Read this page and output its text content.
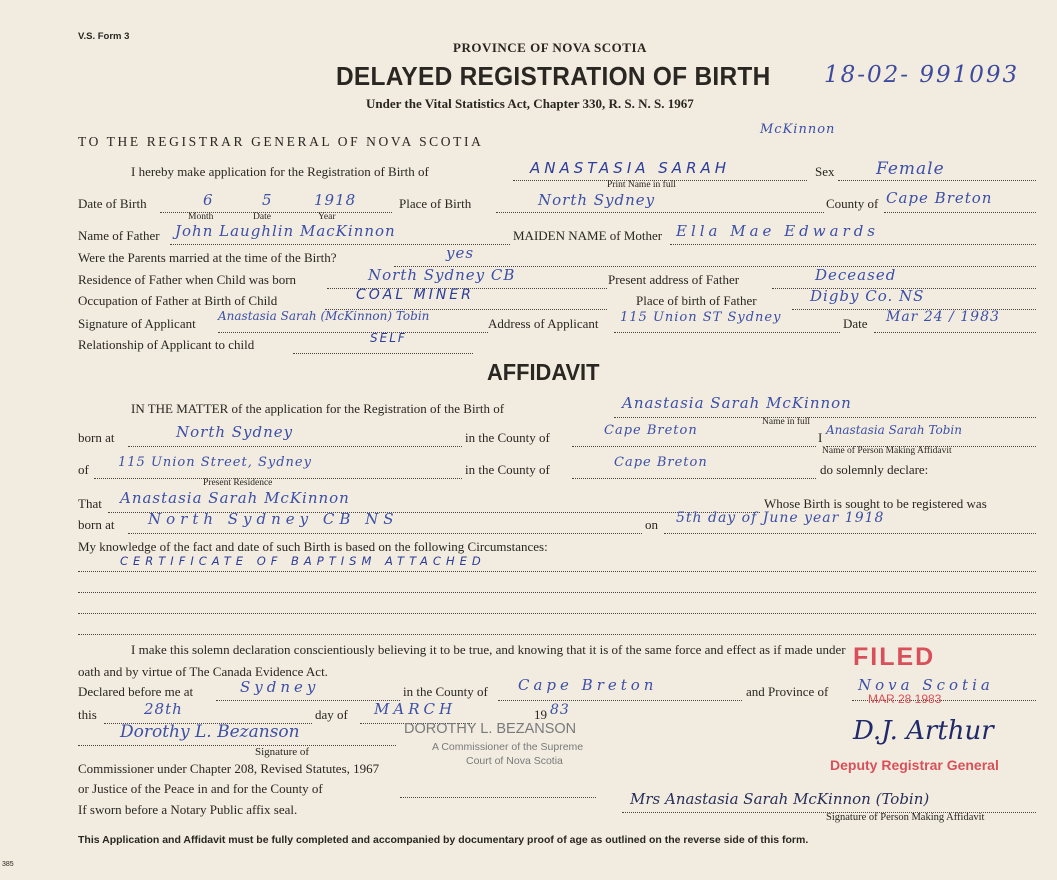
V.S. Form 3
PROVINCE OF NOVA SCOTIA
DELAYED REGISTRATION OF BIRTH
Under the Vital Statistics Act, Chapter 330, R. S. N. S. 1967
18-02- 991093
TO THE REGISTRAR GENERAL OF NOVA SCOTIA
McKinnon
I hereby make application for the Registration of Birth of	ANASTASIA SARAH
Print Name in full
Sex Female
Date of Birth	6	5	1918
Month	Date	Year
Place of Birth	North Sydney	County of Cape Breton
Name of Father John Laughlin MacKinnon	MAIDEN NAME of Mother Ella Mae Edwards
Were the Parents married at the time of the Birth?	yes
Residence of Father when Child was born	North Sydney CB	Present address of Father	Deceased
Occupation of Father at Birth of Child	COAL MINER	Place of birth of Father	Digby Co. NS
Signature of Applicant Anastasia Sarah (McKinnon) Tobin	Address of Applicant 115 Union ST Sydney	Date Mar 24 / 1983
Relationship of Applicant to child	SELF
AFFIDAVIT
IN THE MATTER of the application for the Registration of the Birth of	Anastasia Sarah McKinnon
Name in full
born at	North Sydney	in the County of	Cape Breton	I Anastasia Sarah Tobin
Name of Person Making Affidavit
of 115 Union Street, Sydney
Present Residence
in the County of	Cape Breton	do solemnly declare:
That Anastasia Sarah McKinnon	Whose Birth is sought to be registered was
born at North Sydney CB NS	on 5th day of June year 1918
My knowledge of the fact and date of such Birth is based on the following Circumstances:
CERTIFICATE OF BAPTISM ATTACHED
I make this solemn declaration conscientiously believing it to be true, and knowing that it is of the same force and effect as if made under
oath and by virtue of The Canada Evidence Act.
Declared before me at	Sydney	in the County of Cape Breton	and Province of Nova Scotia
this	28th	day of MARCH	19 83
Dorothy L. Bezanson
Signature of
DOROTHY L. BEZANSON
A Commissioner of the Supreme
Court of Nova Scotia
Commissioner under Chapter 208, Revised Statutes, 1967
or Justice of the Peace in and for the County of
If sworn before a Notary Public affix seal.
FILED
MAR 28 1983
D.J. Arthur
Deputy Registrar General
Mrs Anastasia Sarah McKinnon (Tobin)
Signature of Person Making Affidavit
This Application and Affidavit must be fully completed and accompanied by documentary proof of age as outlined on the reverse side of this form.
385
